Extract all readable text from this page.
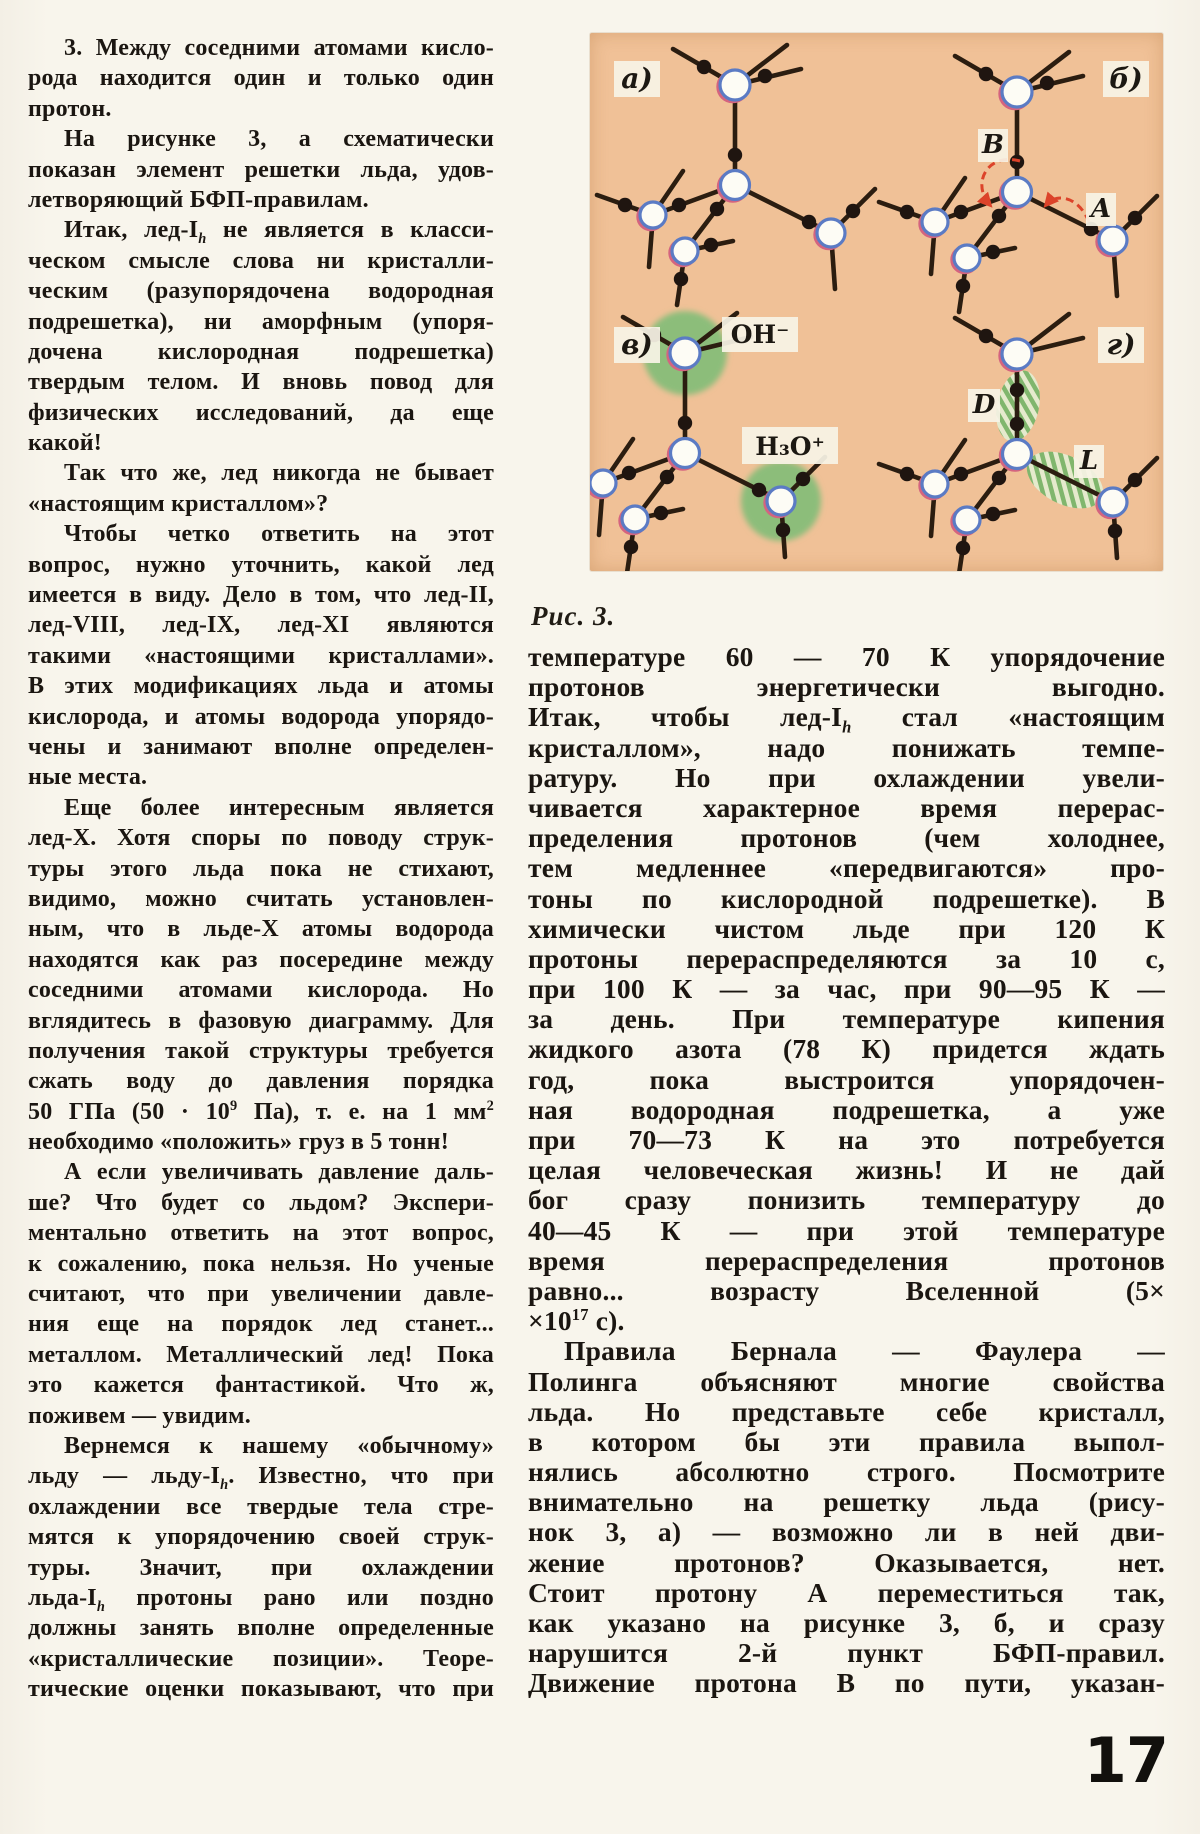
3. Между соседними атомами кисло-
рода находится один и только один
протон.
На рисунке 3, а схематически
показан элемент решетки льда, удов-
летворяющий БФП-правилам.
Итак, лед-$I_h$ не является в класси-
ческом смысле слова ни кристалли-
ческим (разупорядочена водородная
подрешетка), ни аморфным (упоря-
дочена кислородная подрешетка)
твердым телом. И вновь повод для
физических исследований, да еще
какой!
Так что же, лед никогда не бывает
«настоящим кристаллом»?
Чтобы четко ответить на этот
вопрос, нужно уточнить, какой лед
имеется в виду. Дело в том, что лед-II,
лед-VIII, лед-IX, лед-XI являются
такими «настоящими кристаллами».
В этих модификациях льда и атомы
кислорода, и атомы водорода упорядо-
чены и занимают вполне определен-
ные места.
Еще более интересным является
лед-X. Хотя споры по поводу струк-
туры этого льда пока не стихают,
видимо, можно считать установлен-
ным, что в льде-X атомы водорода
находятся как раз посередине между
соседними атомами кислорода. Но
вглядитесь в фазовую диаграмму. Для
получения такой структуры требуется
сжать воду до давления порядка
50 ГПа ($50 \cdot 10^9$ Па), т. е. на 1 $мм^2$
необходимо «положить» груз в 5 тонн!
А если увеличивать давление даль-
ше? Что будет со льдом? Экспери-
ментально ответить на этот вопрос,
к сожалению, пока нельзя. Но ученые
считают, что при увеличении давле-
ния еще на порядок лед станет...
металлом. Металлический лед! Пока
это кажется фантастикой. Что ж,
поживем — увидим.
Вернемся к нашему «обычному»
льду — льду-$I_h$. Известно, что при
охлаждении все твердые тела стре-
мятся к упорядочению своей струк-
туры. Значит, при охлаждении
льда-$I_h$ протоны рано или поздно
должны занять вполне определенные
«кристаллические позиции». Теоре-
тические оценки показывают, что при
а)	б)
B
A
в)	OH⁻
H₃O⁺
г)
D
L
Рис. 3.
температуре 60 — 70 К упорядочение
протонов энергетически выгодно.
Итак, чтобы лед-$I_h$ стал «настоящим
кристаллом», надо понижать темпе-
ратуру. Но при охлаждении увели-
чивается характерное время перерас-
пределения протонов (чем холоднее,
тем медленнее «передвигаются» про-
тоны по кислородной подрешетке). В
химически чистом льде при 120 К
протоны перераспределяются за 10 с,
при 100 К — за час, при 90—95 К —
за день. При температуре кипения
жидкого азота (78 К) придется ждать
год, пока выстроится упорядочен-
ная водородная подрешетка, а уже
при 70—73 К на это потребуется
целая человеческая жизнь! И не дай
бог сразу понизить температуру до
40—45 К — при этой температуре
время перераспределения протонов
равно... возрасту Вселенной (5×
$\times 10^{17}$ с).
Правила Бернала — Фаулера —
Полинга объясняют многие свойства
льда. Но представьте себе кристалл,
в котором бы эти правила выпол-
нялись абсолютно строго. Посмотрите
внимательно на решетку льда (рису-
нок 3, а) — возможно ли в ней дви-
жение протонов? Оказывается, нет.
Стоит протону А переместиться так,
как указано на рисунке 3, б, и сразу
нарушится 2-й пункт БФП-правил.
Движение протона В по пути, указан-
17
